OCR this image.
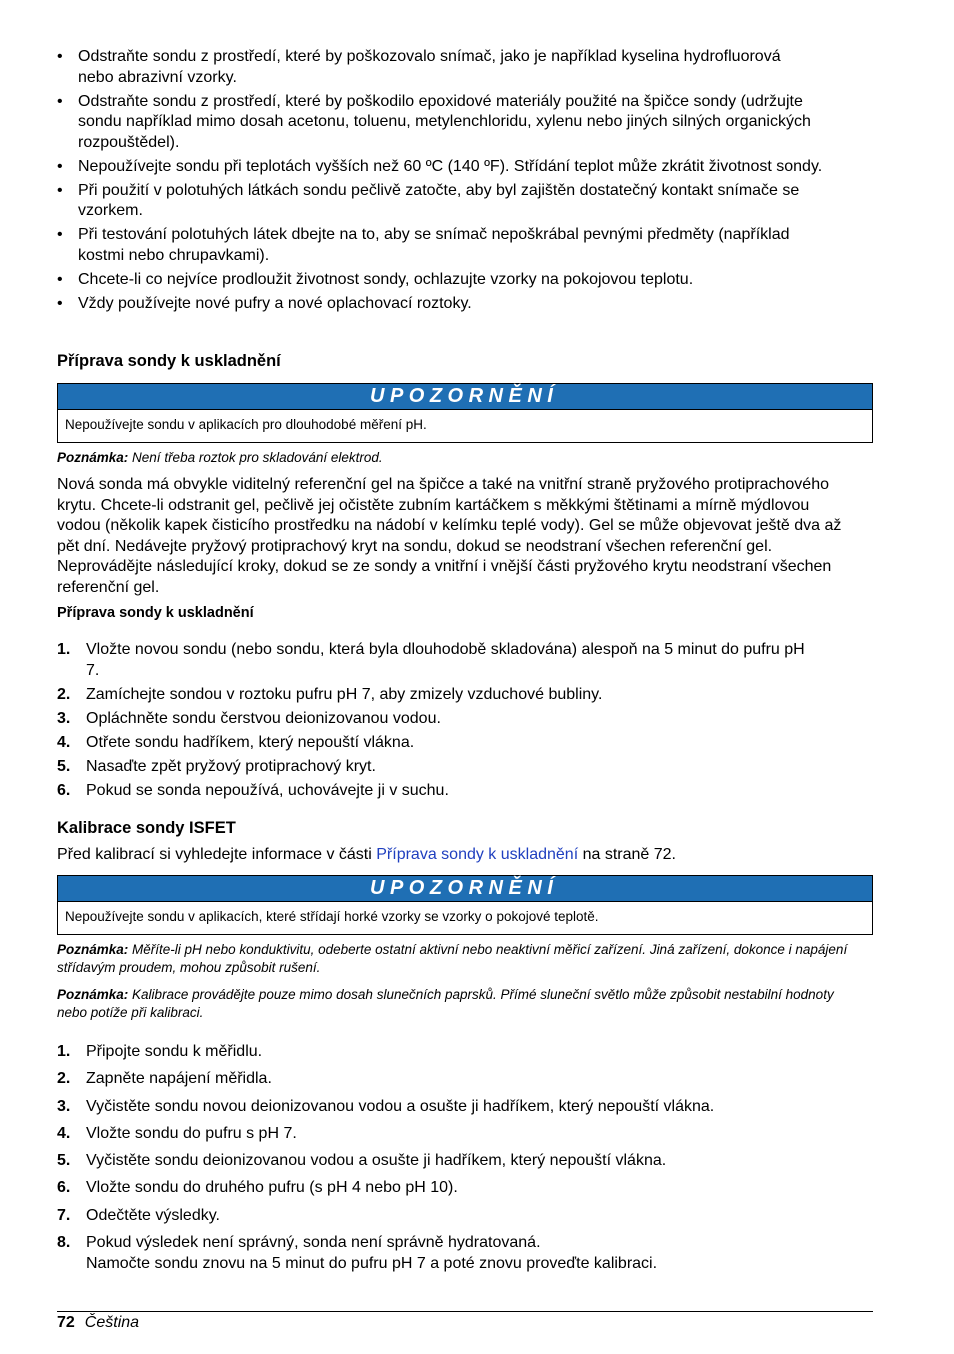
• Odstraňte sondu z prostředí, které by poškozovalo snímač, jako je například kyselina hydrofluorová nebo abrazivní vzorky.
• Odstraňte sondu z prostředí, které by poškodilo epoxidové materiály použité na špičce sondy (udržujte sondu například mimo dosah acetonu, toluenu, metylenchloridu, xylenu nebo jiných silných organických rozpouštědel).
• Nepoužívejte sondu při teplotách vyšších než 60 ºC (140 ºF). Střídání teplot může zkrátit životnost sondy.
• Při použití v polotuhých látkách sondu pečlivě zatočte, aby byl zajištěn dostatečný kontakt snímače se vzorkem.
• Při testování polotuhých látek dbejte na to, aby se snímač nepoškrábal pevnými předměty (například kostmi nebo chrupavkami).
• Chcete-li co nejvíce prodloužit životnost sondy, ochlazujte vzorky na pokojovou teplotu.
• Vždy používejte nové pufry a nové oplachovací roztoky.
Příprava sondy k uskladnění
UPOZORNĚNÍ
Nepoužívejte sondu v aplikacích pro dlouhodobé měření pH.
Poznámka: Není třeba roztok pro skladování elektrod.
Nová sonda má obvykle viditelný referenční gel na špičce a také na vnitřní straně pryžového protiprachového krytu. Chcete-li odstranit gel, pečlivě jej očistěte zubním kartáčkem s měkkými štětinami a mírně mýdlovou vodou (několik kapek čisticího prostředku na nádobí v kelímku teplé vody). Gel se může objevovat ještě dva až pět dní. Nedávejte pryžový protiprachový kryt na sondu, dokud se neodstraní všechen referenční gel. Neprovádějte následující kroky, dokud se ze sondy a vnitřní i vnější části pryžového krytu neodstraní všechen referenční gel.
Příprava sondy k uskladnění
1. Vložte novou sondu (nebo sondu, která byla dlouhodobě skladována) alespoň na 5 minut do pufru pH 7.
2. Zamíchejte sondou v roztoku pufru pH 7, aby zmizely vzduchové bubliny.
3. Opláchněte sondu čerstvou deionizovanou vodou.
4. Otřete sondu hadříkem, který nepouští vlákna.
5. Nasaďte zpět pryžový protiprachový kryt.
6. Pokud se sonda nepoužívá, uchovávejte ji v suchu.
Kalibrace sondy ISFET
Před kalibrací si vyhledejte informace v části Příprava sondy k uskladnění na straně 72.
UPOZORNĚNÍ
Nepoužívejte sondu v aplikacích, které střídají horké vzorky se vzorky o pokojové teplotě.
Poznámka: Měříte-li pH nebo konduktivitu, odeberte ostatní aktivní nebo neaktivní měřicí zařízení. Jiná zařízení, dokonce i napájení střídavým proudem, mohou způsobit rušení.
Poznámka: Kalibrace provádějte pouze mimo dosah slunečních paprsků. Přímé sluneční světlo může způsobit nestabilní hodnoty nebo potíže při kalibraci.
1. Připojte sondu k měřidlu.
2. Zapněte napájení měřidla.
3. Vyčistěte sondu novou deionizovanou vodou a osušte ji hadříkem, který nepouští vlákna.
4. Vložte sondu do pufru s pH 7.
5. Vyčistěte sondu deionizovanou vodou a osušte ji hadříkem, který nepouští vlákna.
6. Vložte sondu do druhého pufru (s pH 4 nebo pH 10).
7. Odečtěte výsledky.
8. Pokud výsledek není správný, sonda není správně hydratovaná.
Namočte sondu znovu na 5 minut do pufru pH 7 a poté znovu proveďte kalibraci.
72 Čeština
